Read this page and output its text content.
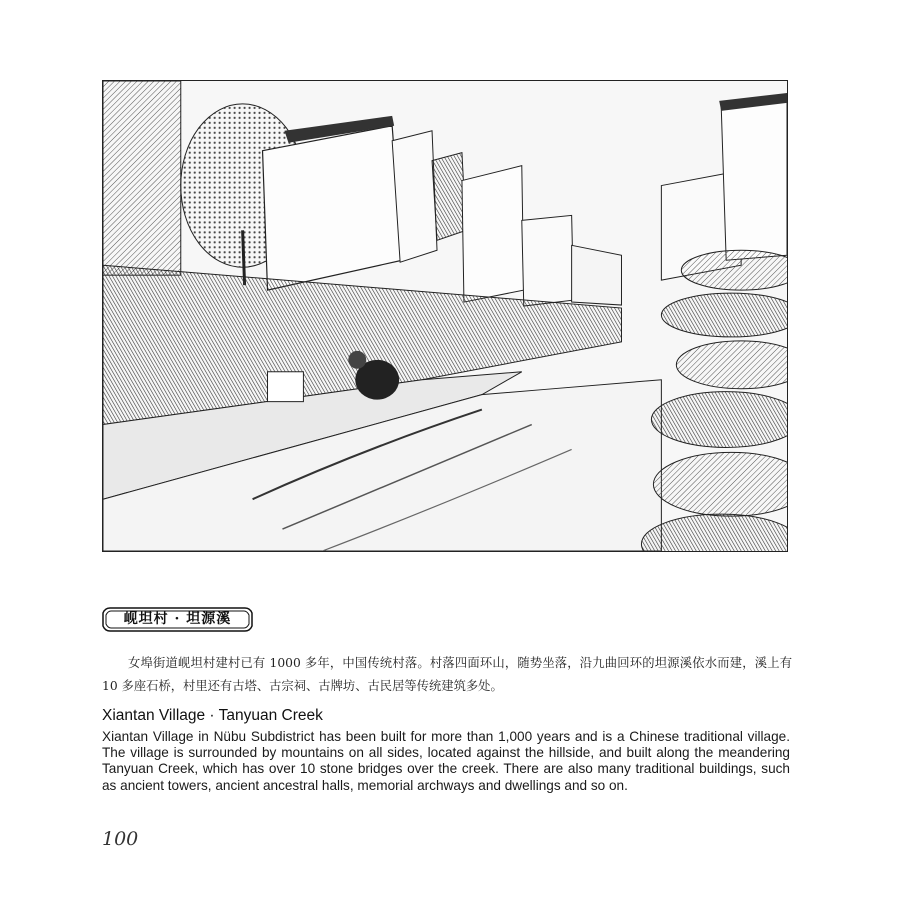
岘坦村 · 坦源溪

女埠街道岘坦村建村已有 1000 多年，中国传统村落。村落四面环山，随势坐落，沿九曲回环的坦源溪依水而建，溪上有 10 多座石桥，村里还有古塔、古宗祠、古牌坊、古民居等传统建筑多处。

Xiantan Village · Tanyuan Creek

Xiantan Village in Nübu Subdistrict has been built for more than 1,000 years and is a Chinese traditional village. The village is surrounded by mountains on all sides, located against the hillside, and built along the meandering Tanyuan Creek, which has over 10 stone bridges over the creek. There are also many traditional buildings, such as ancient towers, ancient ancestral halls, memorial archways and dwellings and so on.

100
